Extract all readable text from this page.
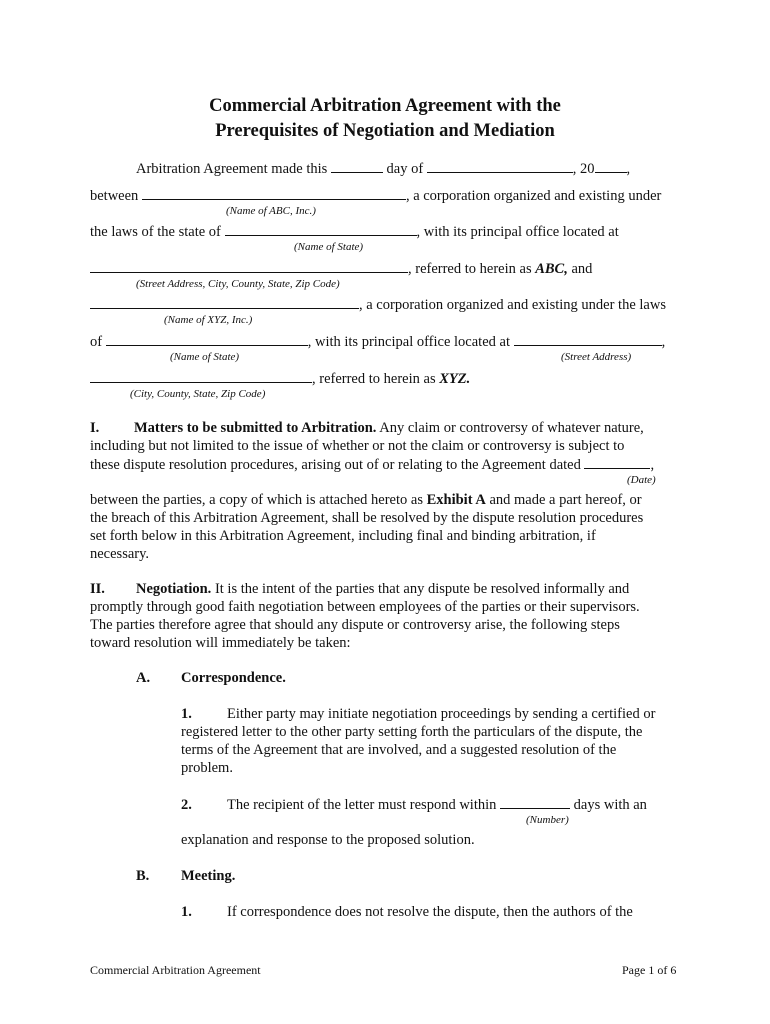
Commercial Arbitration Agreement with the
Prerequisites of Negotiation and Mediation
Arbitration Agreement made this	day of	, 20 ,
between	, a corporation organized and existing under
(Name of ABC, Inc.)
the laws of the state of	, with its principal office located at
(Name of State)
, referred to herein as ABC, and
(Street Address, City, County, State, Zip Code)
, a corporation organized and existing under the laws
(Name of XYZ, Inc.)
of	, with its principal office located at	,
(Name of State)	(Street Address)
, referred to herein as XYZ.
(City, County, State, Zip Code)
I. Matters to be submitted to Arbitration. Any claim or controversy of whatever nature,
including but not limited to the issue of whether or not the claim or controversy is subject to
these dispute resolution procedures, arising out of or relating to the Agreement dated	,
(Date)
between the parties, a copy of which is attached hereto as Exhibit A and made a part hereof, or
the breach of this Arbitration Agreement, shall be resolved by the dispute resolution procedures
set forth below in this Arbitration Agreement, including final and binding arbitration, if
necessary.
II. Negotiation. It is the intent of the parties that any dispute be resolved informally and
promptly through good faith negotiation between employees of the parties or their supervisors.
The parties therefore agree that should any dispute or controversy arise, the following steps
toward resolution will immediately be taken:
A. Correspondence.
1. Either party may initiate negotiation proceedings by sending a certified or
registered letter to the other party setting forth the particulars of the dispute, the
terms of the Agreement that are involved, and a suggested resolution of the
problem.
2. The recipient of the letter must respond within	days with an
(Number)
explanation and response to the proposed solution.
B. Meeting.
1. If correspondence does not resolve the dispute, then the authors of the
Commercial Arbitration Agreement	Page 1 of 6
